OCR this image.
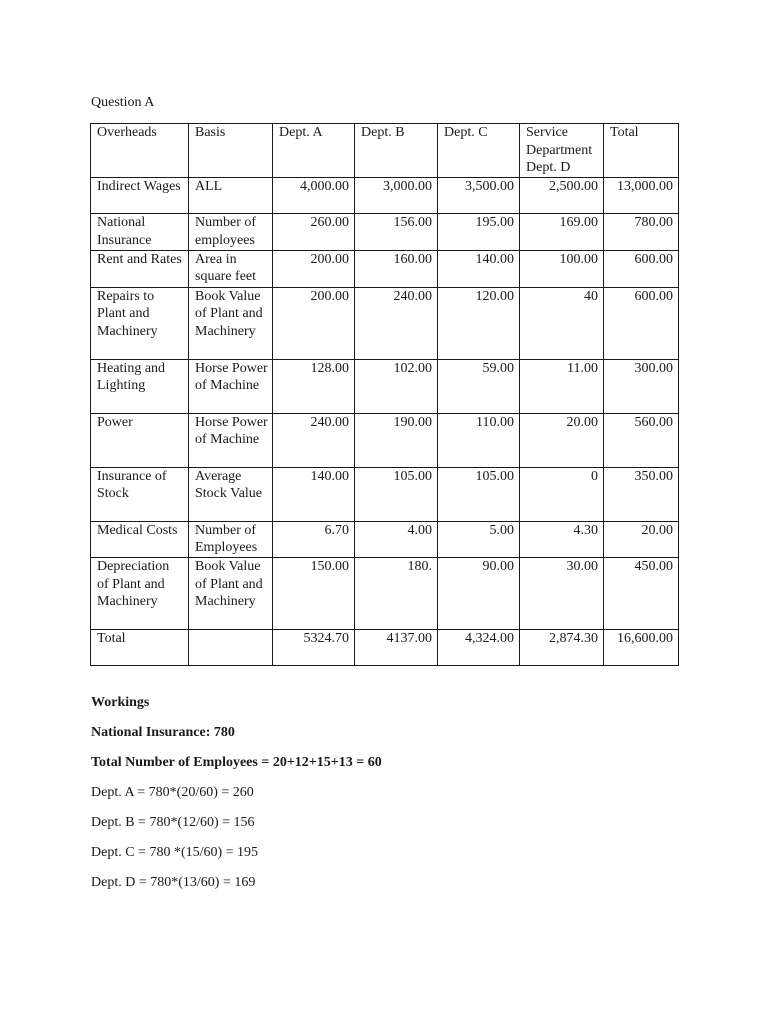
Question A
Overheads	Basis	Dept. A	Dept. B	Dept. C	Service Department Dept. D	Total
Indirect Wages	ALL	4,000.00	3,000.00	3,500.00	2,500.00	13,000.00
National Insurance	Number of employees	260.00	156.00	195.00	169.00	780.00
Rent and Rates	Area in square feet	200.00	160.00	140.00	100.00	600.00
Repairs to Plant and Machinery	Book Value of Plant and Machinery	200.00	240.00	120.00	40	600.00
Heating and Lighting	Horse Power of Machine	128.00	102.00	59.00	11.00	300.00
Power	Horse Power of Machine	240.00	190.00	110.00	20.00	560.00
Insurance of Stock	Average Stock Value	140.00	105.00	105.00	0	350.00
Medical Costs	Number of Employees	6.70	4.00	5.00	4.30	20.00
Depreciation of Plant and Machinery	Book Value of Plant and Machinery	150.00	180.	90.00	30.00	450.00
Total		5324.70	4137.00	4,324.00	2,874.30	16,600.00
Workings
National Insurance: 780
Total Number of Employees = 20+12+15+13 = 60
Dept. A = 780*(20/60) = 260
Dept. B = 780*(12/60) = 156
Dept. C = 780 *(15/60) = 195
Dept. D = 780*(13/60) = 169
